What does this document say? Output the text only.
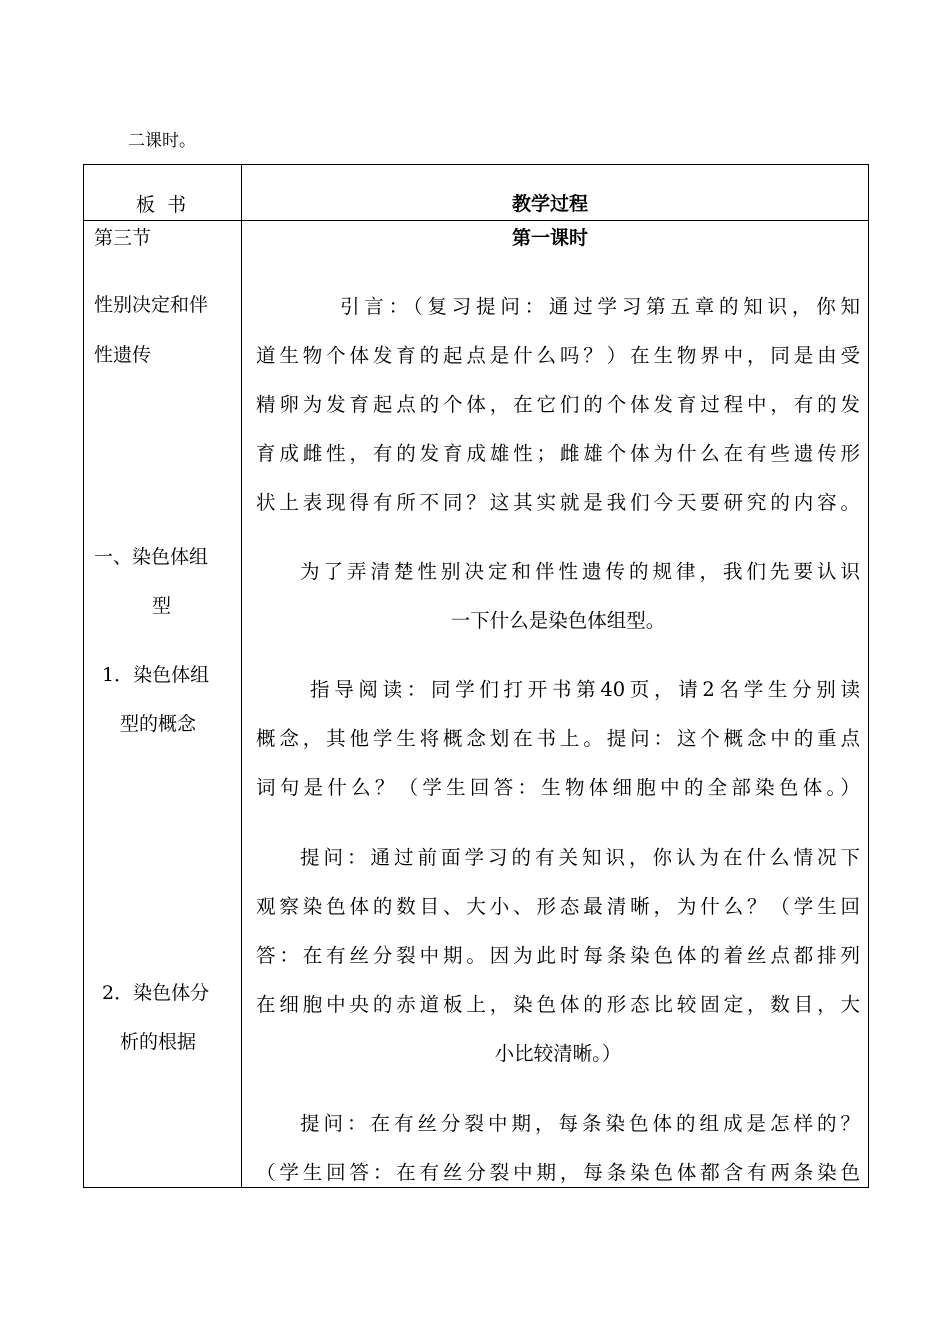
二课时。
板  书	教学过程
第三节
性别决定和伴
性遗传
一、染色体组
型
1．染色体组
型的概念
2．染色体分
析的根据
第一课时
引言：（复习提问：通过学习第五章的知识，你知
道生物个体发育的起点是什么吗？）在生物界中，同是由受
精卵为发育起点的个体，在它们的个体发育过程中，有的发
育成雌性，有的发育成雄性；雌雄个体为什么在有些遗传形
状上表现得有所不同？这其实就是我们今天要研究的内容。
为了弄清楚性别决定和伴性遗传的规律，我们先要认识
一下什么是染色体组型。
指导阅读：同学们打开书第40页，请2名学生分别读
概念，其他学生将概念划在书上。提问：这个概念中的重点
词句是什么？（学生回答：生物体细胞中的全部染色体。）
提问：通过前面学习的有关知识，你认为在什么情况下
观察染色体的数目、大小、形态最清晰，为什么？（学生回
答：在有丝分裂中期。因为此时每条染色体的着丝点都排列
在细胞中央的赤道板上，染色体的形态比较固定，数目，大
小比较清晰。）
提问：在有丝分裂中期，每条染色体的组成是怎样的？
（学生回答：在有丝分裂中期，每条染色体都含有两条染色
